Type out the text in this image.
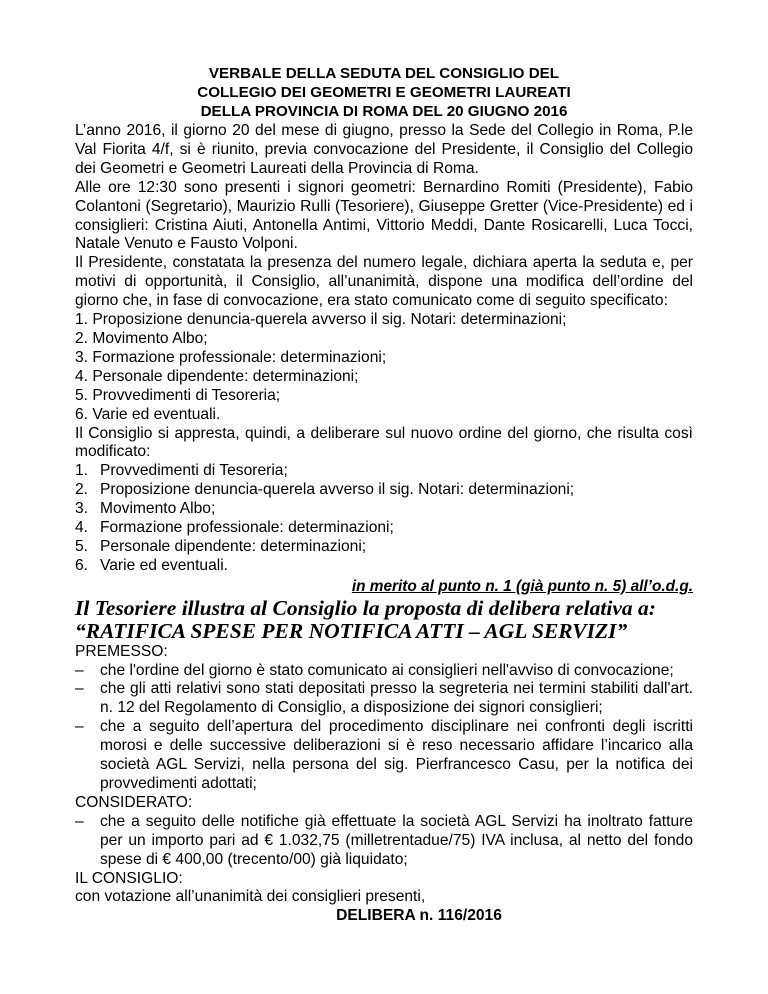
VERBALE DELLA SEDUTA DEL CONSIGLIO DEL
COLLEGIO DEI GEOMETRI E GEOMETRI LAUREATI
DELLA PROVINCIA DI ROMA DEL 20 GIUGNO 2016

L’anno 2016, il giorno 20 del mese di giugno, presso la Sede del Collegio in Roma, P.le Val Fiorita 4/f, si è riunito, previa convocazione del Presidente, il Consiglio del Collegio dei Geometri e Geometri Laureati della Provincia di Roma.

Alle ore 12:30 sono presenti i signori geometri: Bernardino Romiti (Presidente), Fabio Colantoni (Segretario), Maurizio Rulli (Tesoriere), Giuseppe Gretter (Vice-Presidente) ed i consiglieri: Cristina Aiuti, Antonella Antimi, Vittorio Meddi, Dante Rosicarelli, Luca Tocci, Natale Venuto e Fausto Volponi.

Il Presidente, constatata la presenza del numero legale, dichiara aperta la seduta e, per motivi di opportunità, il Consiglio, all’unanimità, dispone una modifica dell’ordine del giorno che, in fase di convocazione, era stato comunicato come di seguito specificato:

1. Proposizione denuncia-querela avverso il sig. Notari: determinazioni;
2. Movimento Albo;
3. Formazione professionale: determinazioni;
4. Personale dipendente: determinazioni;
5. Provvedimenti di Tesoreria;
6. Varie ed eventuali.

Il Consiglio si appresta, quindi, a deliberare sul nuovo ordine del giorno, che risulta così modificato:

1. Provvedimenti di Tesoreria;
2. Proposizione denuncia-querela avverso il sig. Notari: determinazioni;
3. Movimento Albo;
4. Formazione professionale: determinazioni;
5. Personale dipendente: determinazioni;
6. Varie ed eventuali.

in merito al punto n. 1 (già punto n. 5) all’o.d.g.

Il Tesoriere illustra al Consiglio la proposta di delibera relativa a:

“RATIFICA SPESE PER NOTIFICA ATTI – AGL SERVIZI”

PREMESSO:

–	che l'ordine del giorno è stato comunicato ai consiglieri nell'avviso di convocazione;
–	che gli atti relativi sono stati depositati presso la segreteria nei termini stabiliti dall'art. n. 12 del Regolamento di Consiglio, a disposizione dei signori consiglieri;
–	che a seguito dell’apertura del procedimento disciplinare nei confronti degli iscritti morosi e delle successive deliberazioni si è reso necessario affidare l’incarico alla società AGL Servizi, nella persona del sig. Pierfrancesco Casu, per la notifica dei provvedimenti adottati;

CONSIDERATO:

–	che a seguito delle notifiche già effettuate la società AGL Servizi ha inoltrato fatture per un importo pari ad € 1.032,75 (milletrentadue/75) IVA inclusa, al netto del fondo spese di € 400,00 (trecento/00) già liquidato;

IL CONSIGLIO:

con votazione all’unanimità dei consiglieri presenti,

DELIBERA n. 116/2016
